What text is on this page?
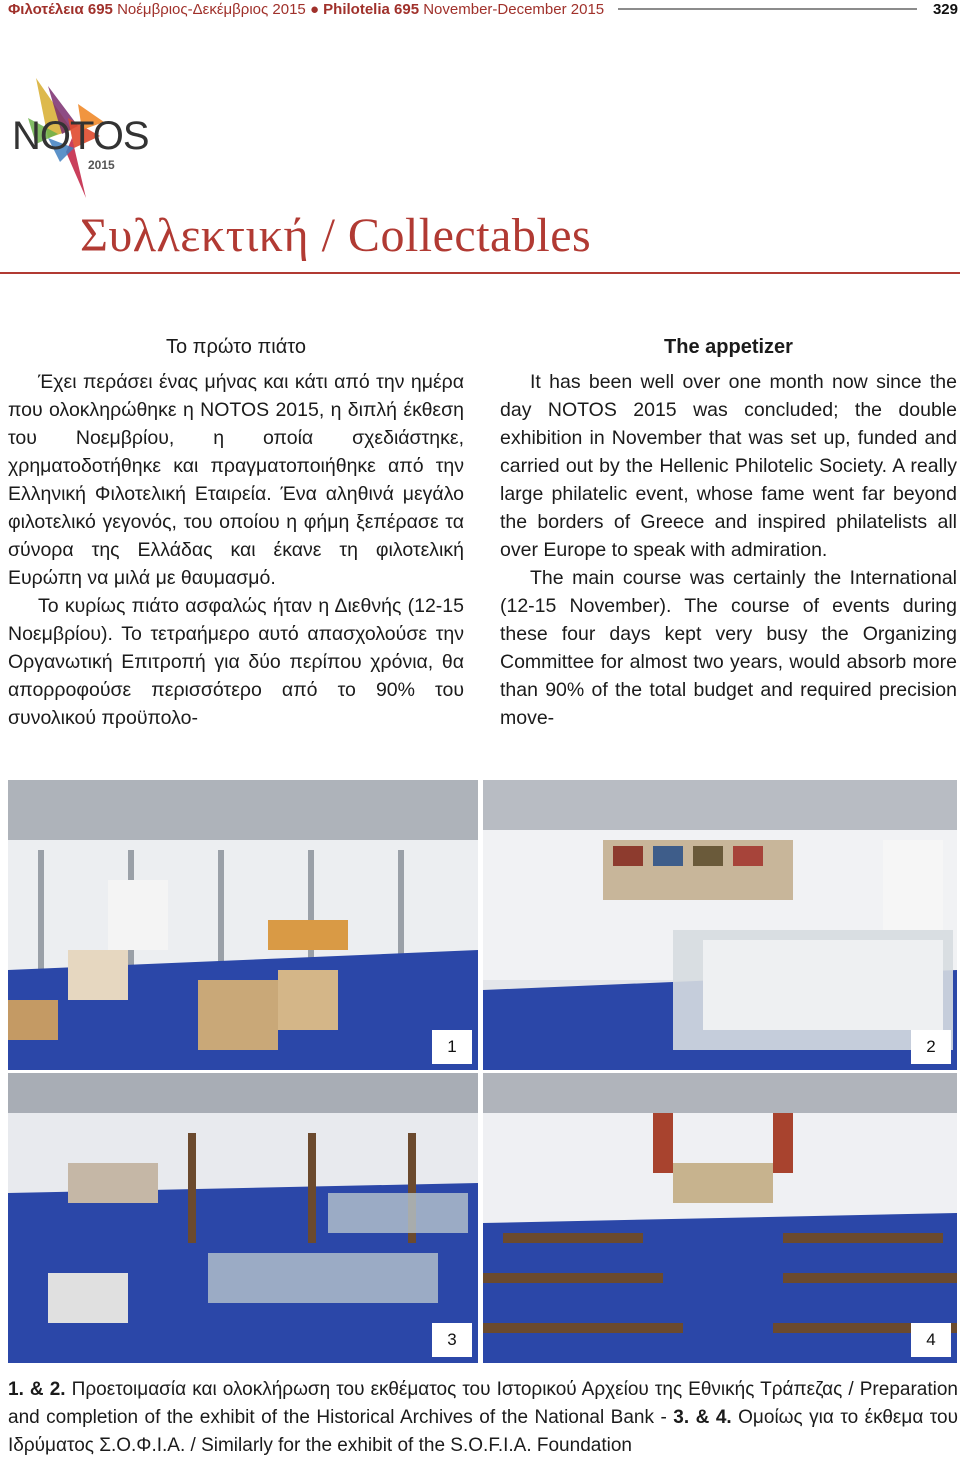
Φιλοτέλεια 695
Νοέμβριος-Δεκέμβριος 2015
●
Philotelia 695
November-December 2015	329
NOTOS
2015
Συλλεκτική / Collectables
Το πρώτο πιάτο

Έχει περάσει ένας μήνας και κάτι από την ημέρα που ολοκληρώθηκε η NOTOS 2015, η διπλή έκθεση του Νοεμβρίου, η οποία σχεδιάστηκε, χρηματοδοτήθηκε και πραγματοποιήθηκε από την Ελληνική Φιλοτελική Εταιρεία. Ένα αληθινά μεγάλο φιλοτελικό γεγονός, του οποίου η φήμη ξεπέρασε τα σύνορα της Ελλάδας και έκανε τη φιλοτελική Ευρώπη να μιλά με θαυμασμό.

Το κυρίως πιάτο ασφαλώς ήταν η Διεθνής (12-15 Νοεμβρίου). Το τετραήμερο αυτό απασχολούσε την Οργανωτική Επιτροπή για δύο περίπου χρόνια, θα απορροφούσε περισσότερο από το 90% του συνολικού προϋπολο-

The appetizer

It has been well over one month now since the day NOTOS 2015 was concluded; the double exhibition in November that was set up, funded and carried out by the Hellenic Philotelic Society. A really large philatelic event, whose fame went far beyond the borders of Greece and inspired philatelists all over Europe to speak with admiration.

The main course was certainly the International (12-15 November). The course of events during these four days kept very busy the Organizing Committee for almost two years, would absorb more than 90% of the total budget and required precision move-

1	2
3	4
1. & 2. Προετοιμασία και ολοκλήρωση του εκθέματος του Ιστορικού Αρχείου της Εθνικής Τράπεζας / Preparation and completion of the exhibit of the Historical Archives of the National Bank - 3. & 4. Ομοίως για το έκθεμα του Ιδρύματος Σ.Ο.Φ.Ι.Α. / Similarly for the exhibit of the S.O.F.I.A. Foundation
